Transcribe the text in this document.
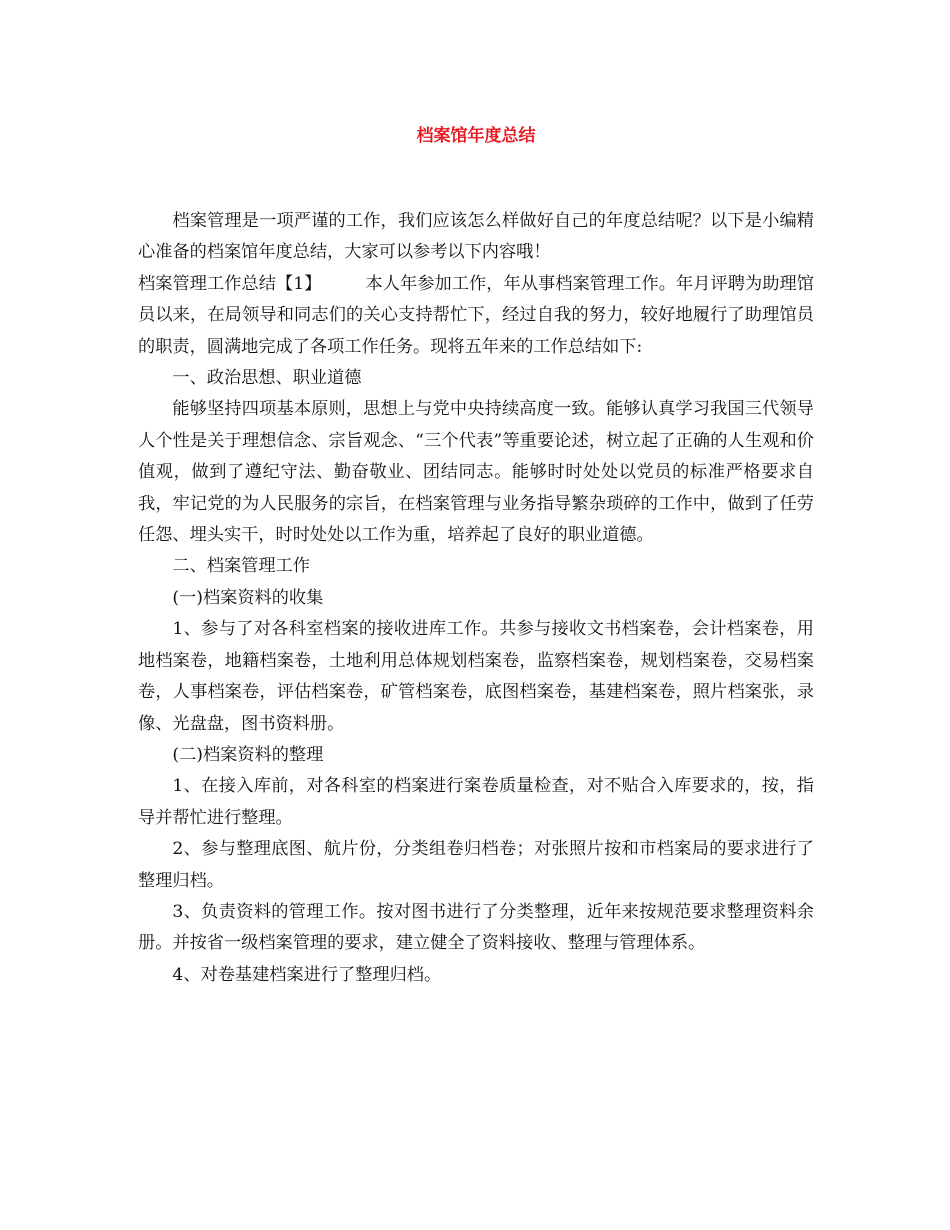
档案馆年度总结

档案管理是一项严谨的工作，我们应该怎么样做好自己的年度总结呢？以下是小编精心准备的档案馆年度总结，大家可以参考以下内容哦！

档案管理工作总结【1】	本人年参加工作，年从事档案管理工作。年月评聘为助理馆员以来，在局领导和同志们的关心支持帮忙下，经过自我的努力，较好地履行了助理馆员的职责，圆满地完成了各项工作任务。现将五年来的工作总结如下:

一、政治思想、职业道德

能够坚持四项基本原则，思想上与党中央持续高度一致。能够认真学习我国三代领导人个性是关于理想信念、宗旨观念、“三个代表”等重要论述，树立起了正确的人生观和价值观，做到了遵纪守法、勤奋敬业、团结同志。能够时时处处以党员的标准严格要求自我，牢记党的为人民服务的宗旨，在档案管理与业务指导繁杂琐碎的工作中，做到了任劳任怨、埋头实干，时时处处以工作为重，培养起了良好的职业道德。

二、档案管理工作

(一)档案资料的收集

1、参与了对各科室档案的接收进库工作。共参与接收文书档案卷，会计档案卷，用地档案卷，地籍档案卷，土地利用总体规划档案卷，监察档案卷，规划档案卷，交易档案卷，人事档案卷，评估档案卷，矿管档案卷，底图档案卷，基建档案卷，照片档案张，录像、光盘盘，图书资料册。

(二)档案资料的整理

1、在接入库前，对各科室的档案进行案卷质量检查，对不贴合入库要求的，按，指导并帮忙进行整理。

2、参与整理底图、航片份，分类组卷归档卷；对张照片按和市档案局的要求进行了整理归档。

3、负责资料的管理工作。按对图书进行了分类整理，近年来按规范要求整理资料余册。并按省一级档案管理的要求，建立健全了资料接收、整理与管理体系。

4、对卷基建档案进行了整理归档。
